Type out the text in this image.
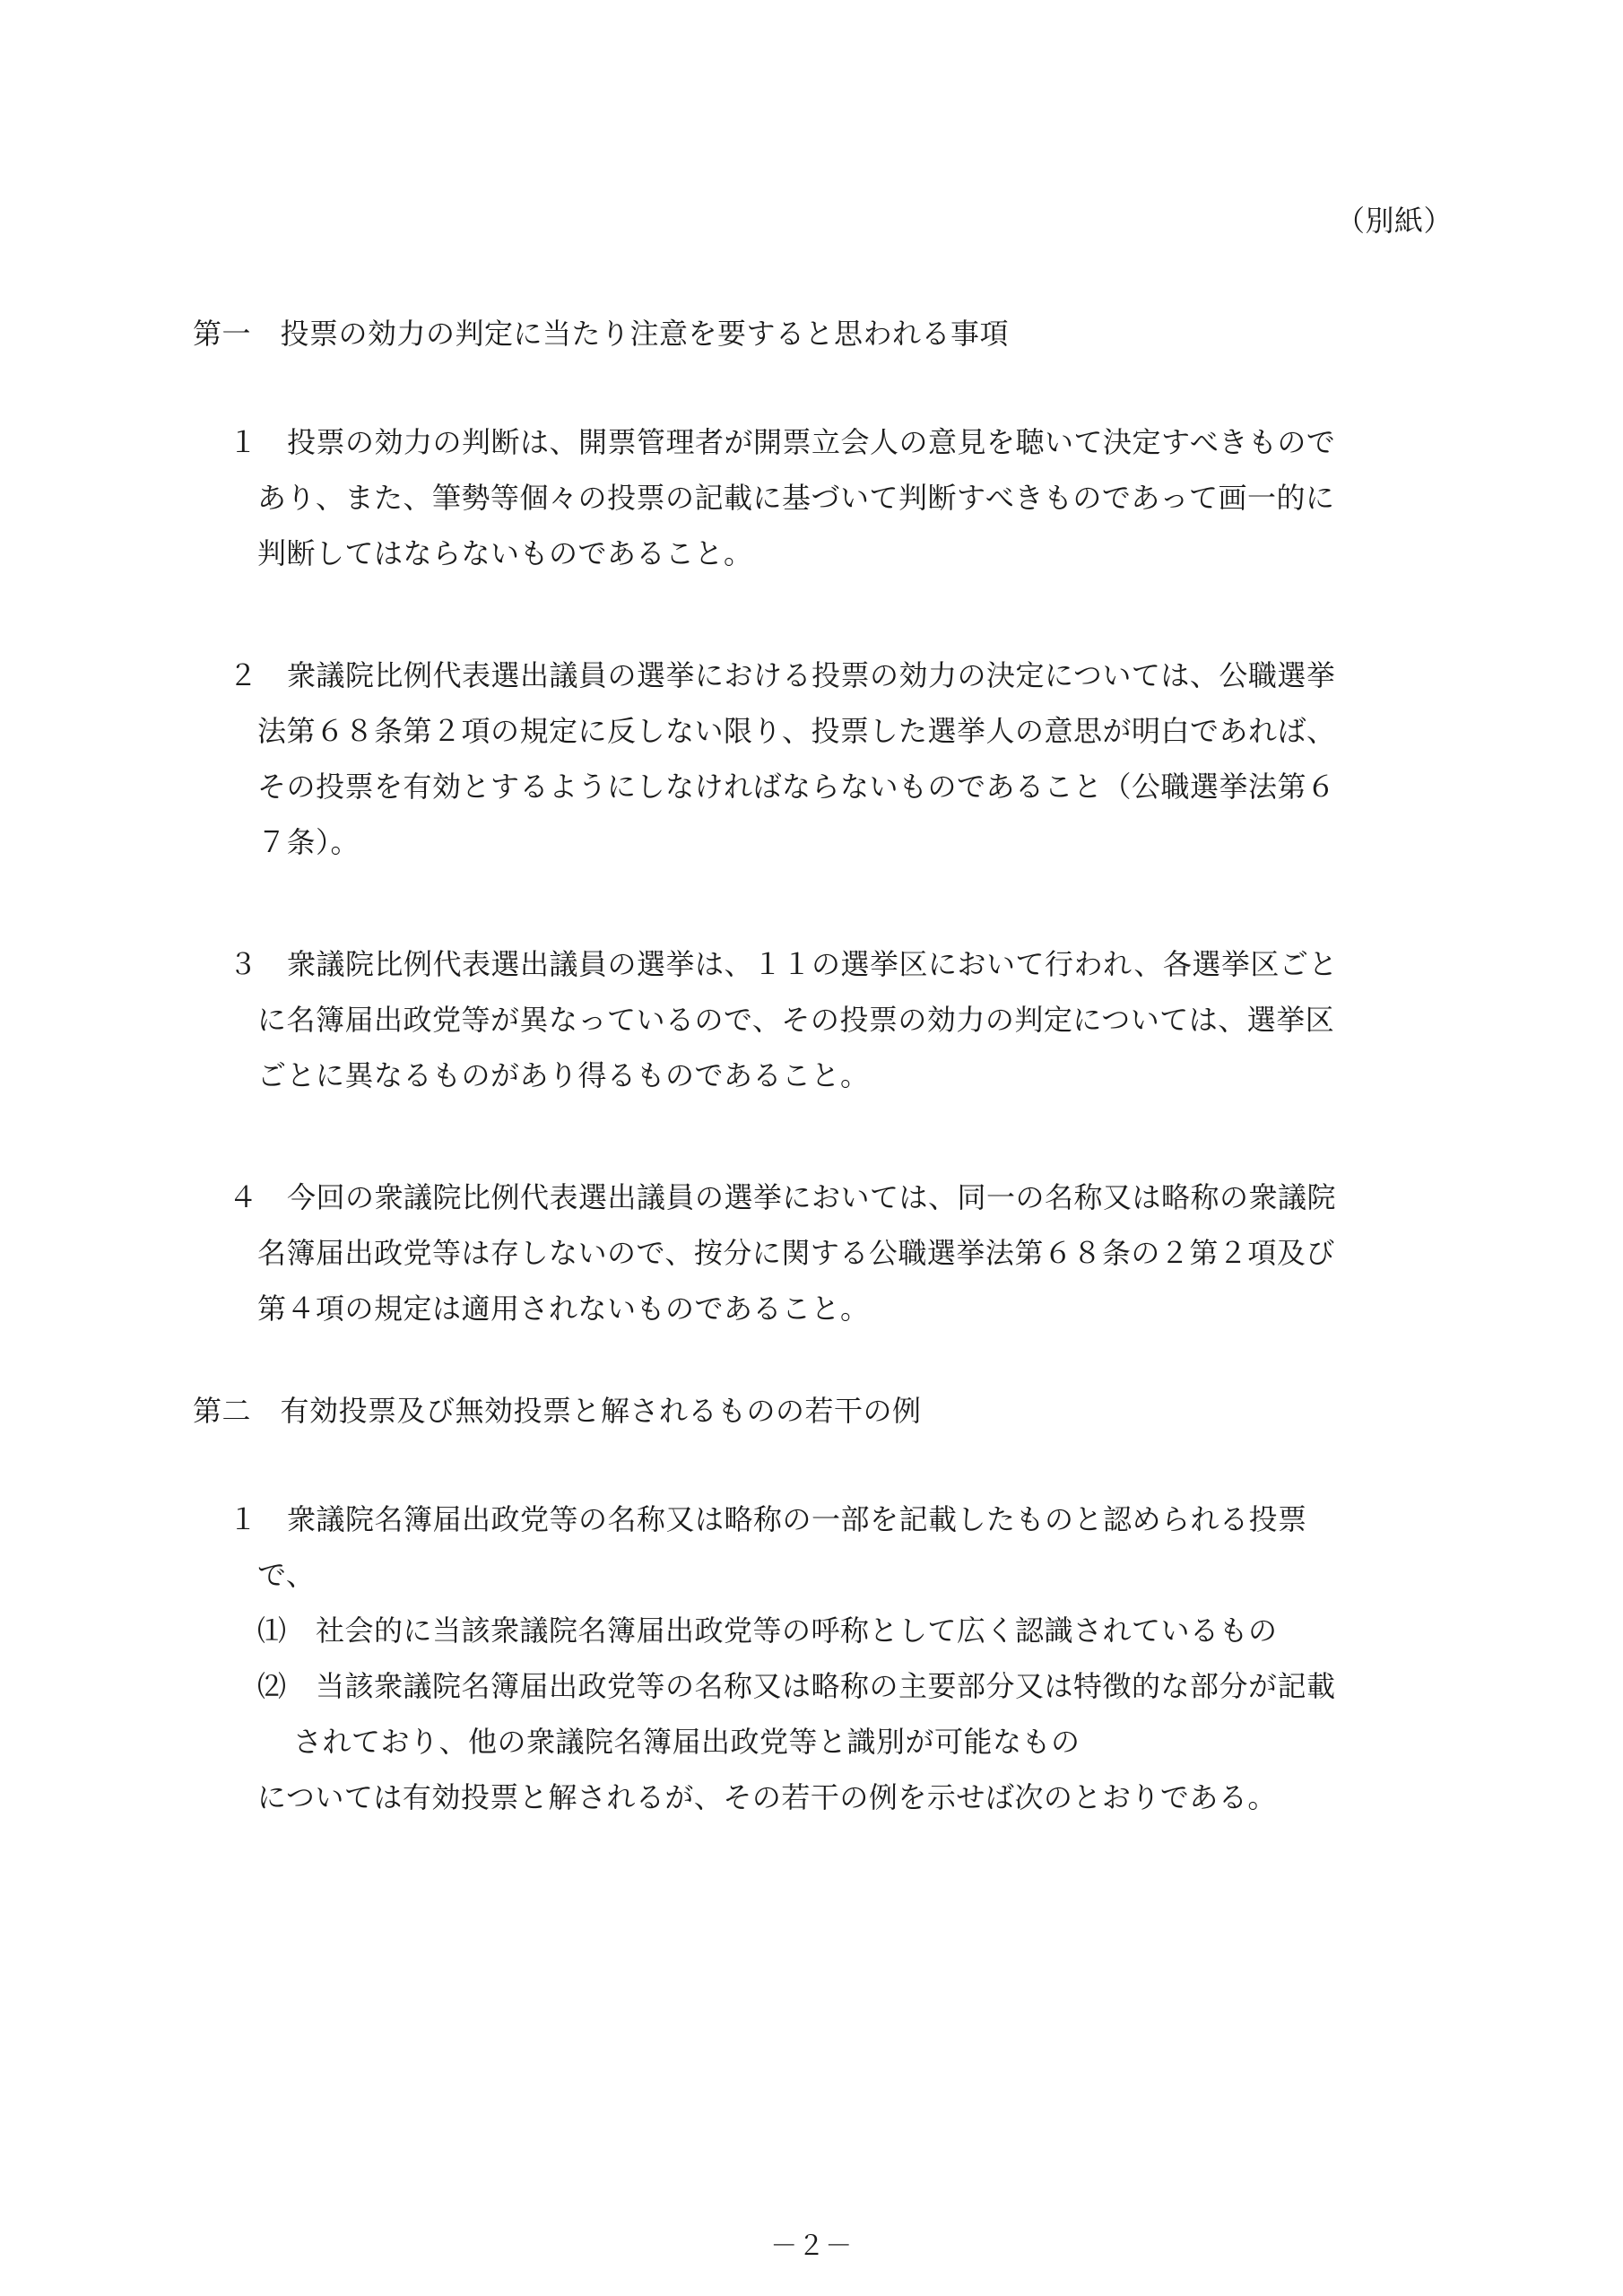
（別紙）
第一　投票の効力の判定に当たり注意を要すると思われる事項
１　投票の効力の判断は、開票管理者が開票立会人の意見を聴いて決定すべきもので
あり、また、筆勢等個々の投票の記載に基づいて判断すべきものであって画一的に
判断してはならないものであること。
２　衆議院比例代表選出議員の選挙における投票の効力の決定については、公職選挙
法第６８条第２項の規定に反しない限り、投票した選挙人の意思が明白であれば、
その投票を有効とするようにしなければならないものであること（公職選挙法第６
７条）。
３　衆議院比例代表選出議員の選挙は、１１の選挙区において行われ、各選挙区ごと
に名簿届出政党等が異なっているので、その投票の効力の判定については、選挙区
ごとに異なるものがあり得るものであること。
４　今回の衆議院比例代表選出議員の選挙においては、同一の名称又は略称の衆議院
名簿届出政党等は存しないので、按分に関する公職選挙法第６８条の２第２項及び
第４項の規定は適用されないものであること。
第二　有効投票及び無効投票と解されるものの若干の例
１　衆議院名簿届出政党等の名称又は略称の一部を記載したものと認められる投票
で、
⑴　社会的に当該衆議院名簿届出政党等の呼称として広く認識されているもの
⑵　当該衆議院名簿届出政党等の名称又は略称の主要部分又は特徴的な部分が記載
されており、他の衆議院名簿届出政党等と識別が可能なもの
については有効投票と解されるが、その若干の例を示せば次のとおりである。
－２－
